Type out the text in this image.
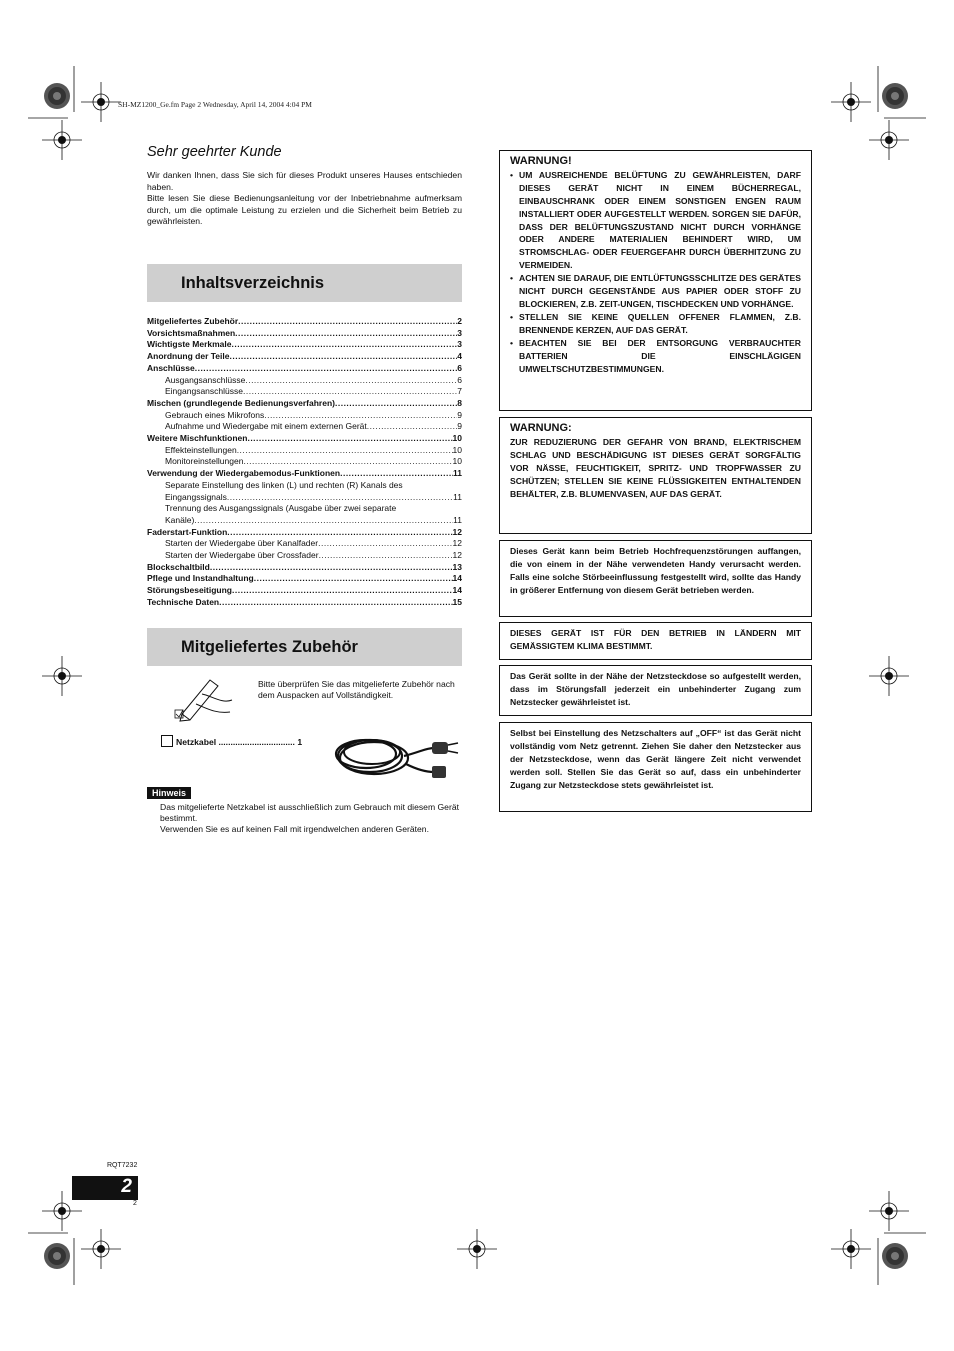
SH-MZ1200_Ge.fm Page 2 Wednesday, April 14, 2004 4:04 PM
Sehr geehrter Kunde

Wir danken Ihnen, dass Sie sich für dieses Produkt unseres Hauses entschieden haben.

Bitte lesen Sie diese Bedienungsanleitung vor der Inbetriebnahme aufmerksam durch, um die optimale Leistung zu erzielen und die Sicherheit beim Betrieb zu gewährleisten.

Inhaltsverzeichnis
Mitgeliefertes Zubehör .....	2
Vorsichtsmaßnahmen .....	3
Wichtigste Merkmale .....	3
Anordnung der Teile .....	4
Anschlüsse .....	6
Ausgangsanschlüsse .....	6
Eingangsanschlüsse .....	7
Mischen (grundlegende Bedienungsverfahren) .....	8
Gebrauch eines Mikrofons .....	9
Aufnahme und Wiedergabe mit einem externen Gerät .....	9
Weitere Mischfunktionen .....	10
Effekteinstellungen .....	10
Monitoreinstellungen .....	10
Verwendung der Wiedergabemodus-Funktionen .....	11
Separate Einstellung des linken (L) und rechten (R) Kanals des
Eingangssignals .....	11
Trennung des Ausgangssignals (Ausgabe über zwei separate
Kanäle) .....	11
Faderstart-Funktion .....	12
Starten der Wiedergabe über Kanalfader .....	12
Starten der Wiedergabe über Crossfader .....	12
Blockschaltbild .....	13
Pflege und Instandhaltung .....	14
Störungsbeseitigung .....	14
Technische Daten .....	15
Mitgeliefertes Zubehör
Bitte überprüfen Sie das mitgelieferte Zubehör nach dem Auspacken auf Vollständigkeit.
Netzkabel ................................ 1
Hinweis

Das mitgelieferte Netzkabel ist ausschließlich zum Gebrauch mit diesem Gerät bestimmt.

Verwenden Sie es auf keinen Fall mit irgendwelchen anderen Geräten.

WARNUNG!
• UM AUSREICHENDE BELÜFTUNG ZU GEWÄHRLEISTEN, DARF DIESES GERÄT NICHT IN EINEM BÜCHERREGAL, EINBAUSCHRANK ODER EINEM SONSTIGEN ENGEN RAUM INSTALLIERT ODER AUFGESTELLT WERDEN. SORGEN SIE DAFÜR, DASS DER BELÜFTUNGSZUSTAND NICHT DURCH VORHÄNGE ODER ANDERE MATERIALIEN BEHINDERT WIRD, UM STROMSCHLAG- ODER FEUERGEFAHR DURCH ÜBERHITZUNG ZU VERMEIDEN.
• ACHTEN SIE DARAUF, DIE ENTLÜFTUNGSSCHLITZE DES GERÄTES NICHT DURCH GEGENSTÄNDE AUS PAPIER ODER STOFF ZU BLOCKIEREN, Z.B. ZEIT-UNGEN, TISCHDECKEN UND VORHÄNGE.
• STELLEN SIE KEINE QUELLEN OFFENER FLAMMEN, Z.B. BRENNENDE KERZEN, AUF DAS GERÄT.
• BEACHTEN SIE BEI DER ENTSORGUNG VERBRAUCHTER BATTERIEN DIE EINSCHLÄGIGEN UMWELTSCHUTZBESTIMMUNGEN.
WARNUNG:

ZUR REDUZIERUNG DER GEFAHR VON BRAND, ELEKTRISCHEM SCHLAG UND BESCHÄDIGUNG IST DIESES GERÄT SORGFÄLTIG VOR NÄSSE, FEUCHTIGKEIT, SPRITZ- UND TROPFWASSER ZU SCHÜTZEN; STELLEN SIE KEINE FLÜSSIGKEITEN ENTHALTENDEN BEHÄLTER, Z.B. BLUMENVASEN, AUF DAS GERÄT.

Dieses Gerät kann beim Betrieb Hochfrequenzstörungen auffangen, die von einem in der Nähe verwendeten Handy verursacht werden. Falls eine solche Störbeeinflussung festgestellt wird, sollte das Handy in größerer Entfernung von diesem Gerät betrieben werden.

DIESES GERÄT IST FÜR DEN BETRIEB IN LÄNDERN MIT GEMÄSSIGTEM KLIMA BESTIMMT.

Das Gerät sollte in der Nähe der Netzsteckdose so aufgestellt werden, dass im Störungsfall jederzeit ein unbehinderter Zugang zum Netzstecker gewährleistet ist.

Selbst bei Einstellung des Netzschalters auf „OFF“ ist das Gerät nicht vollständig vom Netz getrennt. Ziehen Sie daher den Netzstecker aus der Netzsteckdose, wenn das Gerät längere Zeit nicht verwendet werden soll. Stellen Sie das Gerät so auf, dass ein unbehinderter Zugang zur Netzsteckdose stets gewährleistet ist.

RQT7232
2
2
